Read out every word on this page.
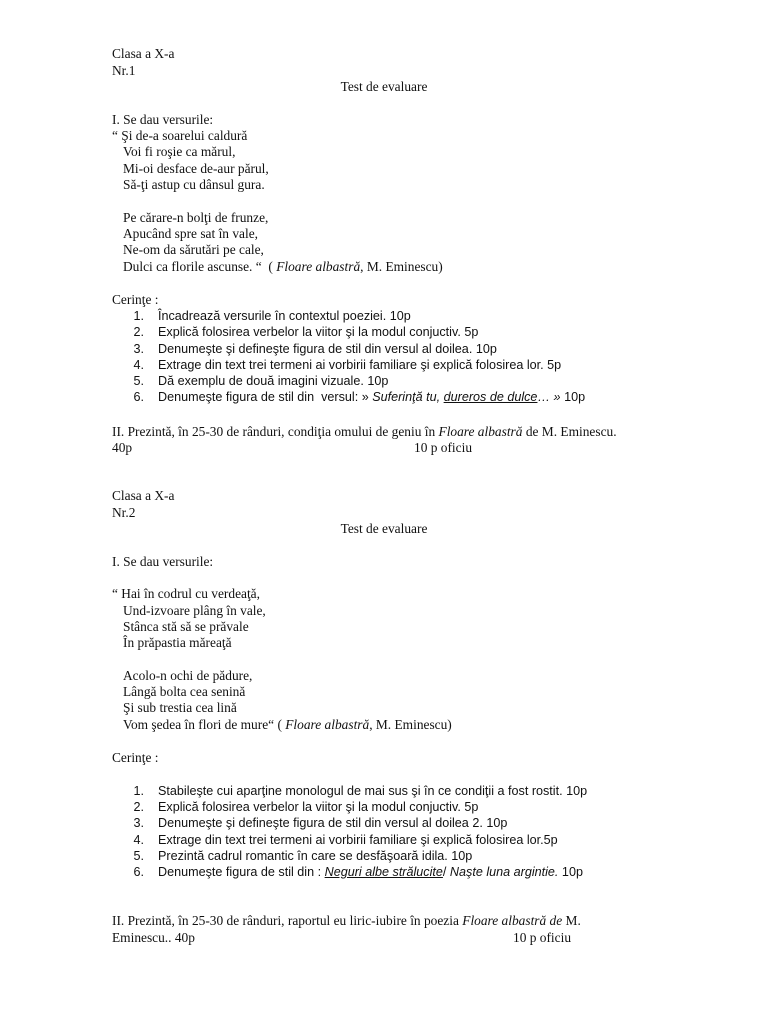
Clasa a X-a
Nr.1
Test de evaluare
I. Se dau versurile:
“ Şi de-a soarelui caldură
Voi fi roşie ca mărul,
Mi-oi desface de-aur părul,
Să-ţi astup cu dânsul gura.
Pe cărare-n bolţi de frunze,
Apucând spre sat în vale,
Ne-om da sărutări pe cale,
Dulci ca florile ascunse. “  ( Floare albastră, M. Eminescu)
Cerinţe :
1. Încadrează versurile în contextul poeziei. 10p
2. Explică folosirea verbelor la viitor şi la modul conjuctiv. 5p
3. Denumeşte şi defineşte figura de stil din versul al doilea. 10p
4. Extrage din text trei termeni ai vorbirii familiare şi explică folosirea lor. 5p
5. Dă exemplu de două imagini vizuale. 10p
6. Denumeşte figura de stil din  versul: » Suferinţă tu, dureros de dulce… » 10p
II. Prezintă, în 25-30 de rânduri, condiţia omului de geniu în Floare albastră de M. Eminescu.
40p	10 p oficiu
Clasa a X-a
Nr.2
Test de evaluare
I. Se dau versurile:
“ Hai în codrul cu verdeaţă,
Und-izvoare plâng în vale,
Stânca stă să se prăvale
În prăpastia măreaţă
Acolo-n ochi de pădure,
Lângă bolta cea senină
Şi sub trestia cea lină
Vom şedea în flori de mure“ ( Floare albastră, M. Eminescu)
Cerinţe :
1. Stabileşte cui aparţine monologul de mai sus şi în ce condiţii a fost rostit. 10p
2. Explică folosirea verbelor la viitor şi la modul conjuctiv. 5p
3. Denumeşte şi defineşte figura de stil din versul al doilea 2. 10p
4. Extrage din text trei termeni ai vorbirii familiare şi explică folosirea lor.5p
5. Prezintă cadrul romantic în care se desfăşoară idila. 10p
6. Denumeşte figura de stil din : Neguri albe strălucite/ Naşte luna argintie. 10p
II. Prezintă, în 25-30 de rânduri, raportul eu liric-iubire în poezia Floare albastră de M.
Eminescu.. 40p	10 p oficiu
